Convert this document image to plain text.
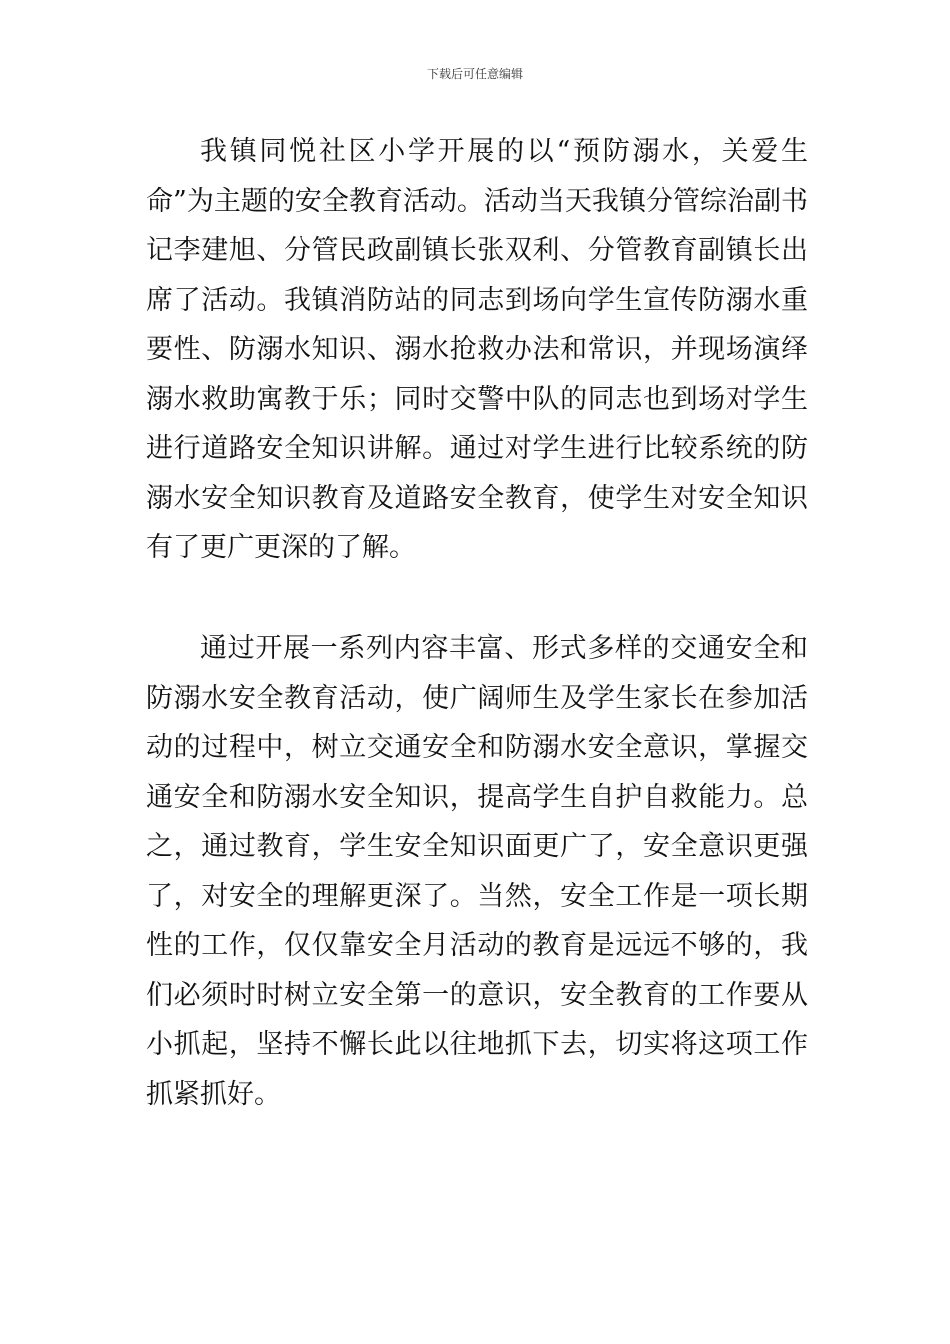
下载后可任意编辑

我镇同悦社区小学开展的以“预防溺水，关爱生命”为主题的安全教育活动。活动当天我镇分管综治副书记李建旭、分管民政副镇长张双利、分管教育副镇长出席了活动。我镇消防站的同志到场向学生宣传防溺水重要性、防溺水知识、溺水抢救办法和常识，并现场演绎溺水救助寓教于乐；同时交警中队的同志也到场对学生进行道路安全知识讲解。通过对学生进行比较系统的防溺水安全知识教育及道路安全教育，使学生对安全知识有了更广更深的了解。

通过开展一系列内容丰富、形式多样的交通安全和防溺水安全教育活动，使广阔师生及学生家长在参加活动的过程中，树立交通安全和防溺水安全意识，掌握交通安全和防溺水安全知识，提高学生自护自救能力。总之，通过教育，学生安全知识面更广了，安全意识更强了，对安全的理解更深了。当然，安全工作是一项长期性的工作，仅仅靠安全月活动的教育是远远不够的，我们必须时时树立安全第一的意识，安全教育的工作要从小抓起，坚持不懈长此以往地抓下去，切实将这项工作抓紧抓好。
